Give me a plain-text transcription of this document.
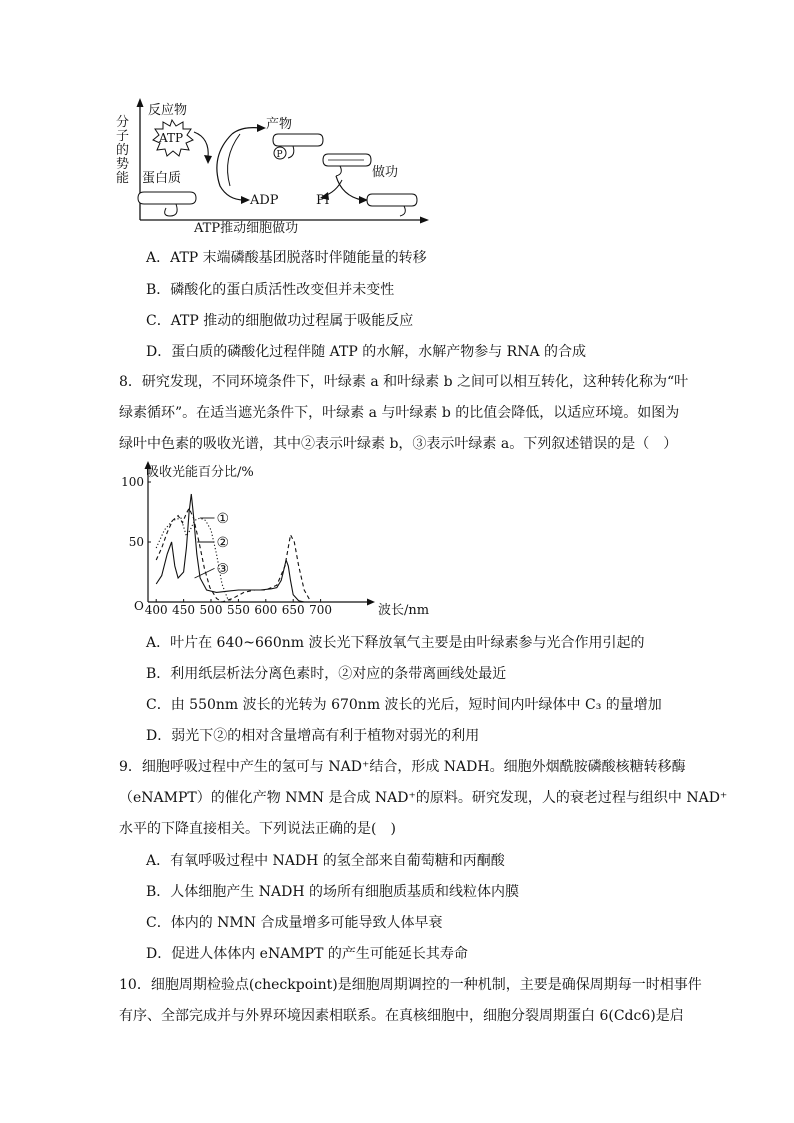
分子的势能
反应物
ATP
蛋白质
产物
P
ADP
做功
Pi
ATP推动细胞做功
A．ATP 末端磷酸基团脱落时伴随能量的转移
B．磷酸化的蛋白质活性改变但并未变性
C．ATP 推动的细胞做功过程属于吸能反应
D．蛋白质的磷酸化过程伴随 ATP 的水解，水解产物参与 RNA 的合成
8．研究发现，不同环境条件下，叶绿素 a 和叶绿素 b 之间可以相互转化，这种转化称为“叶
绿素循环”。在适当遮光条件下，叶绿素 a 与叶绿素 b 的比值会降低，以适应环境。如图为
绿叶中色素的吸收光谱，其中②表示叶绿素 b，③表示叶绿素 a。下列叙述错误的是（　）
吸收光能百分比/%
波长/nm
O 400 450 500 550 600 650 700
50
100
①
②
③
A．叶片在 640~660nm 波长光下释放氧气主要是由叶绿素参与光合作用引起的
B．利用纸层析法分离色素时，②对应的条带离画线处最近
C．由 550nm 波长的光转为 670nm 波长的光后，短时间内叶绿体中 C₃ 的量增加
D．弱光下②的相对含量增高有利于植物对弱光的利用
9．细胞呼吸过程中产生的氢可与 NAD⁺结合，形成 NADH。细胞外烟酰胺磷酸核糖转移酶
（eNAMPT）的催化产物 NMN 是合成 NAD⁺的原料。研究发现，人的衰老过程与组织中 NAD⁺
水平的下降直接相关。下列说法正确的是(　)
A．有氧呼吸过程中 NADH 的氢全部来自葡萄糖和丙酮酸
B．人体细胞产生 NADH 的场所有细胞质基质和线粒体内膜
C．体内的 NMN 合成量增多可能导致人体早衰
D．促进人体体内 eNAMPT 的产生可能延长其寿命
10．细胞周期检验点(checkpoint)是细胞周期调控的一种机制，主要是确保周期每一时相事件
有序、全部完成并与外界环境因素相联系。在真核细胞中，细胞分裂周期蛋白 6(Cdc6)是启
